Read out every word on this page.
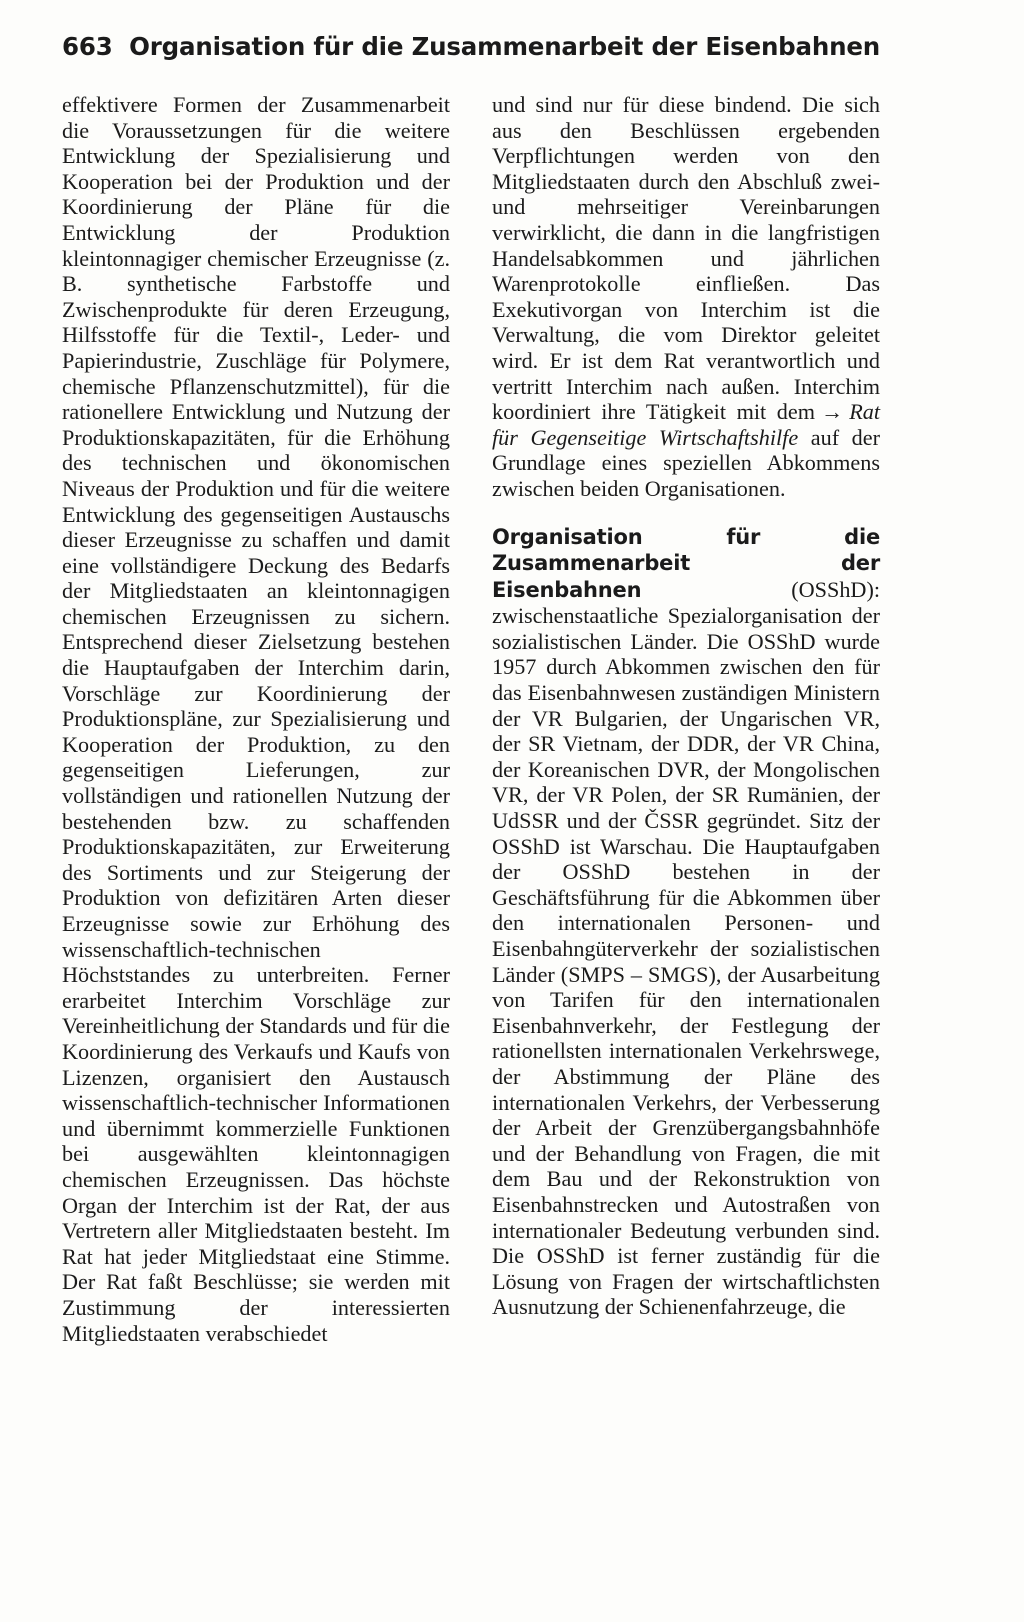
663 Organisation für die Zusammenarbeit der Eisenbahnen

effektivere Formen der Zusammenarbeit die Voraussetzungen für die weitere Entwicklung der Spezialisierung und Kooperation bei der Produktion und der Koordinierung der Pläne für die Entwicklung der Produktion kleintonnagiger chemischer Erzeugnisse (z. B. synthetische Farbstoffe und Zwischenprodukte für deren Erzeugung, Hilfsstoffe für die Textil-, Leder- und Papierindustrie, Zuschläge für Polymere, chemische Pflanzenschutzmittel), für die rationellere Entwicklung und Nutzung der Produktionskapazitäten, für die Erhöhung des technischen und ökonomischen Niveaus der Produktion und für die weitere Entwicklung des gegenseitigen Austauschs dieser Erzeugnisse zu schaffen und damit eine vollständigere Deckung des Bedarfs der Mitgliedstaaten an kleintonnagigen chemischen Erzeugnissen zu sichern. Entsprechend dieser Zielsetzung bestehen die Hauptaufgaben der Interchim darin, Vorschläge zur Koordinierung der Produktionspläne, zur Spezialisierung und Kooperation der Produktion, zu den gegenseitigen Lieferungen, zur vollständigen und rationellen Nutzung der bestehenden bzw. zu schaffenden Produktionskapazitäten, zur Erweiterung des Sortiments und zur Steigerung der Produktion von defizitären Arten dieser Erzeugnisse sowie zur Erhöhung des wissenschaftlich-technischen Höchststandes zu unterbreiten. Ferner erarbeitet Interchim Vorschläge zur Vereinheitlichung der Standards und für die Koordinierung des Verkaufs und Kaufs von Lizenzen, organisiert den Austausch wissenschaftlich-technischer Informationen und übernimmt kommerzielle Funktionen bei ausgewählten kleintonnagigen chemischen Erzeugnissen. Das höchste Organ der Interchim ist der Rat, der aus Vertretern aller Mitgliedstaaten besteht. Im Rat hat jeder Mitgliedstaat eine Stimme. Der Rat faßt Beschlüsse; sie werden mit Zustimmung der interessierten Mitgliedstaaten verabschiedet

und sind nur für diese bindend. Die sich aus den Beschlüssen ergebenden Verpflichtungen werden von den Mitgliedstaaten durch den Abschluß zwei- und mehrseitiger Vereinbarungen verwirklicht, die dann in die langfristigen Handelsabkommen und jährlichen Warenprotokolle einfließen. Das Exekutivorgan von Interchim ist die Verwaltung, die vom Direktor geleitet wird. Er ist dem Rat verantwortlich und vertritt Interchim nach außen. Interchim koordiniert ihre Tätigkeit mit dem → Rat für Gegenseitige Wirtschaftshilfe auf der Grundlage eines speziellen Abkommens zwischen beiden Organisationen.

Organisation für die Zusammenarbeit der Eisenbahnen	(OSShD): zwischenstaatliche Spezialorganisation der sozialistischen Länder. Die OSShD wurde 1957 durch Abkommen zwischen den für das Eisenbahnwesen zuständigen Ministern der VR Bulgarien, der Ungarischen VR, der SR Vietnam, der DDR, der VR China, der Koreanischen DVR, der Mongolischen VR, der VR Polen, der SR Rumänien, der UdSSR und der ČSSR gegründet. Sitz der OSShD ist Warschau. Die Hauptaufgaben der OSShD bestehen in der Geschäftsführung für die Abkommen über den internationalen Personen- und Eisenbahngüterverkehr der sozialistischen Länder (SMPS – SMGS), der Ausarbeitung von Tarifen für den internationalen Eisenbahnverkehr, der Festlegung der rationellsten internationalen Verkehrswege, der Abstimmung der Pläne des internationalen Verkehrs, der Verbesserung der Arbeit der Grenzübergangsbahnhöfe und der Behandlung von Fragen, die mit dem Bau und der Rekonstruktion von Eisenbahnstrecken und Autostraßen von internationaler Bedeutung verbunden sind. Die OSShD ist ferner zuständig für die Lösung von Fragen der wirtschaftlichsten Ausnutzung der Schienenfahrzeuge, die
